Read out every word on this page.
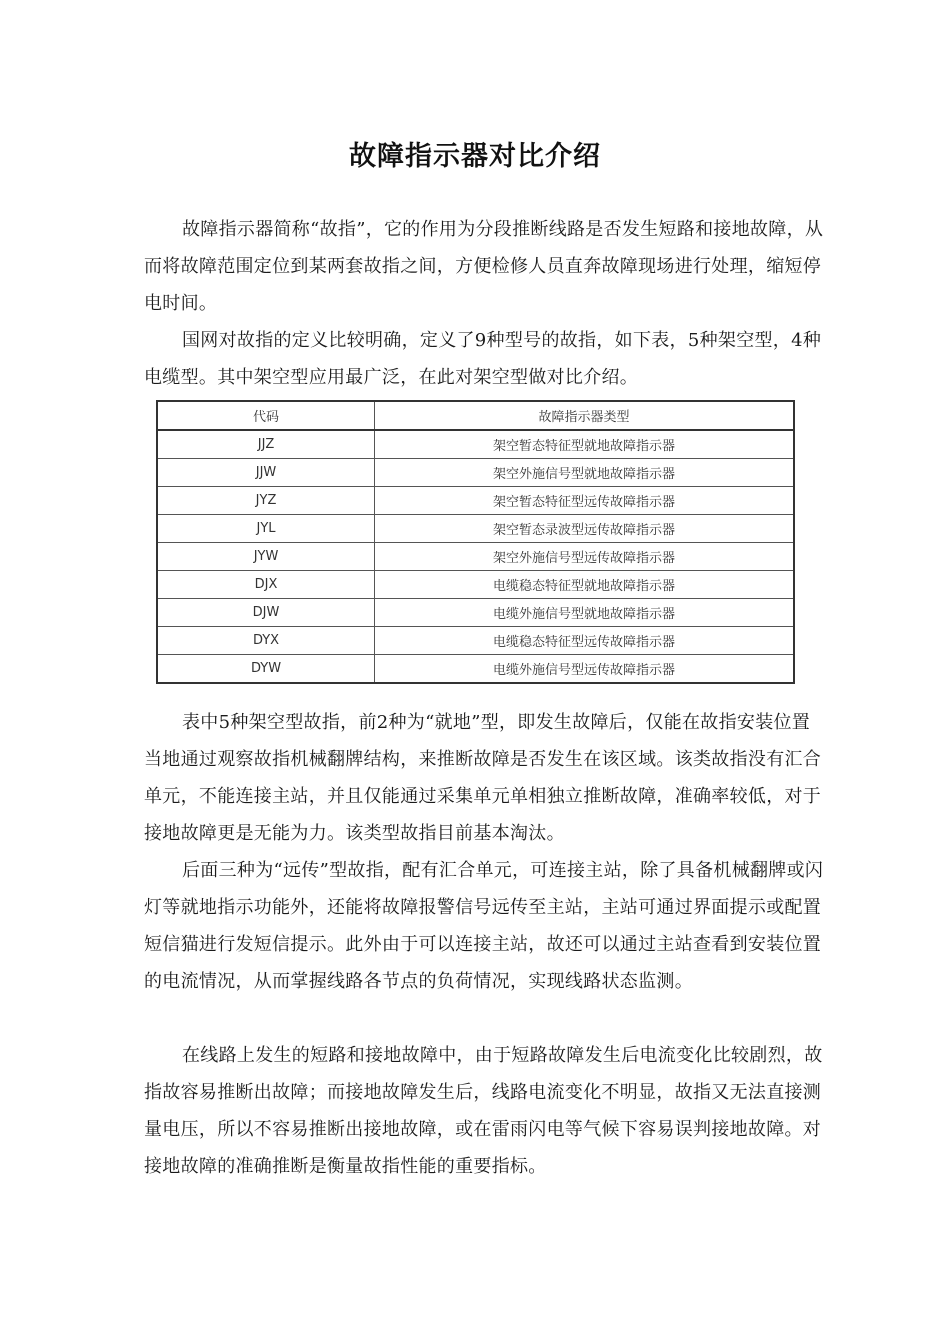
故障指示器对比介绍

故障指示器简称“故指”，它的作用为分段推断线路是否发生短路和接地故障，从而将故障范围定位到某两套故指之间，方便检修人员直奔故障现场进行处理，缩短停电时间。

国网对故指的定义比较明确，定义了9种型号的故指，如下表，5种架空型，4种电缆型。其中架空型应用最广泛，在此对架空型做对比介绍。

代码	故障指示器类型
JJZ	架空暂态特征型就地故障指示器
JJW	架空外施信号型就地故障指示器
JYZ	架空暂态特征型远传故障指示器
JYL	架空暂态录波型远传故障指示器
JYW	架空外施信号型远传故障指示器
DJX	电缆稳态特征型就地故障指示器
DJW	电缆外施信号型就地故障指示器
DYX	电缆稳态特征型远传故障指示器
DYW	电缆外施信号型远传故障指示器

表中5种架空型故指，前2种为“就地”型，即发生故障后，仅能在故指安装位置当地通过观察故指机械翻牌结构，来推断故障是否发生在该区域。该类故指没有汇合单元，不能连接主站，并且仅能通过采集单元单相独立推断故障，准确率较低，对于接地故障更是无能为力。该类型故指目前基本淘汰。

后面三种为“远传”型故指，配有汇合单元，可连接主站，除了具备机械翻牌或闪灯等就地指示功能外，还能将故障报警信号远传至主站，主站可通过界面提示或配置短信猫进行发短信提示。此外由于可以连接主站，故还可以通过主站查看到安装位置的电流情况，从而掌握线路各节点的负荷情况，实现线路状态监测。

在线路上发生的短路和接地故障中，由于短路故障发生后电流变化比较剧烈，故指故容易推断出故障；而接地故障发生后，线路电流变化不明显，故指又无法直接测量电压，所以不容易推断出接地故障，或在雷雨闪电等气候下容易误判接地故障。对接地故障的准确推断是衡量故指性能的重要指标。
